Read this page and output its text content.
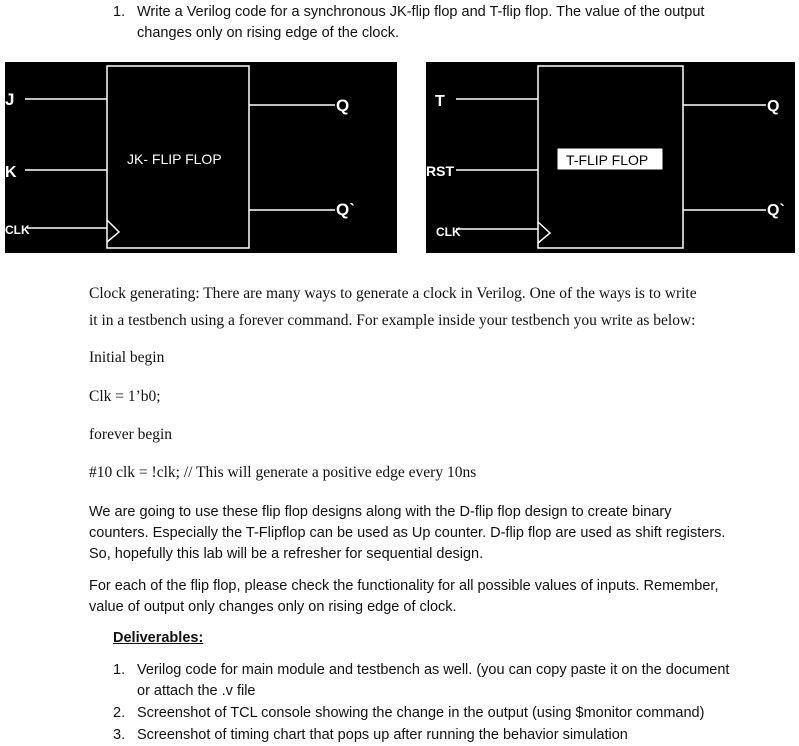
1. Write a Verilog code for a synchronous JK-flip flop and T-flip flop. The value of the output changes only on rising edge of the clock.
J
K
CLK
Q
Q`
JK- FLIP FLOP	T-FLIP FLOP
T
RST
CLK
Q
Q`
Clock generating: There are many ways to generate a clock in Verilog. One of the ways is to write
it in a testbench using a forever command. For example inside your testbench you write as below:
Initial begin
Clk = 1’b0;
forever begin
#10 clk = !clk; // This will generate a positive edge every 10ns
We are going to use these flip flop designs along with the D-flip flop design to create binary counters. Especially the T-Flipflop can be used as Up counter. D-flip flop are used as shift registers. So, hopefully this lab will be a refresher for sequential design.
For each of the flip flop, please check the functionality for all possible values of inputs. Remember, value of output only changes only on rising edge of clock.
Deliverables:
1. Verilog code for main module and testbench as well. (you can copy paste it on the document or attach the .v file
2. Screenshot of TCL console showing the change in the output (using $monitor command)
3. Screenshot of timing chart that pops up after running the behavior simulation
